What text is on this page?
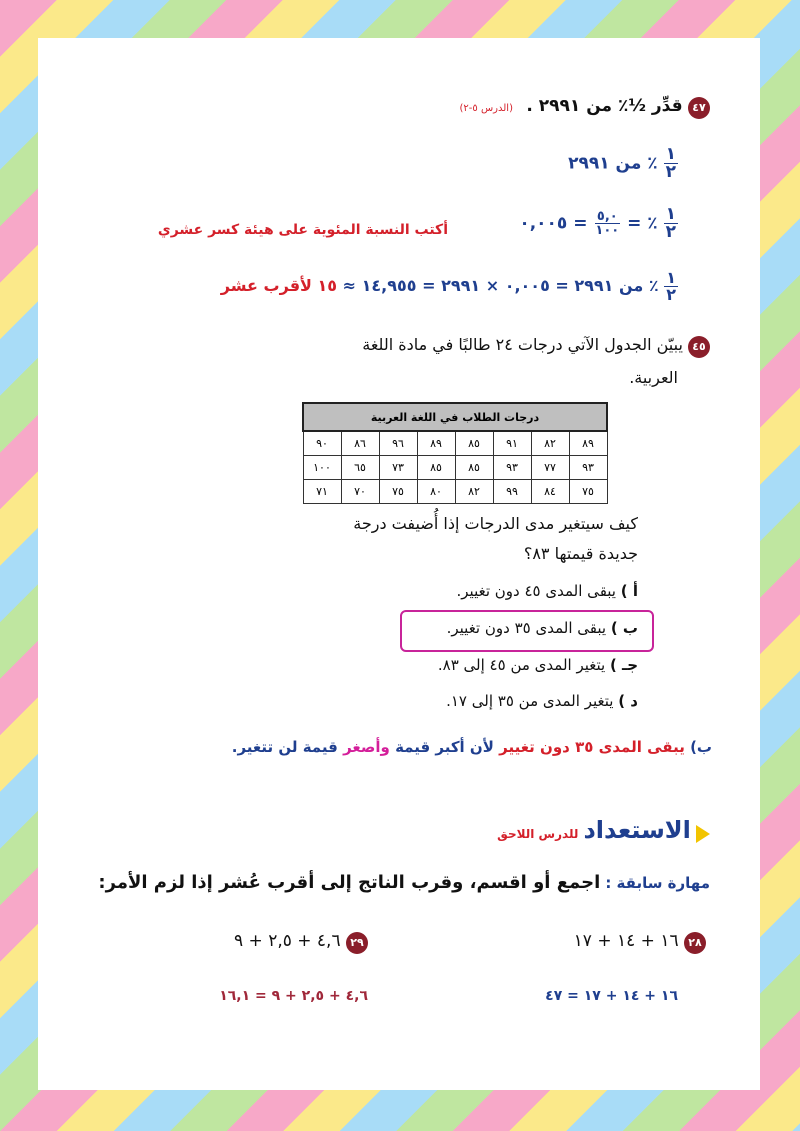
٤٧ قدِّر ½٪ من ٢٩٩١ . (الدرس ٥-٢)
$\frac{١}{٢}$
٪ من ٢٩٩١
$\frac{١}{٢}$
٪ =
$\frac{٥,٠}{١٠٠}$
= ٠,٠٠٥
أكتب النسبة المئوية على هيئة كسر عشري
$\frac{١}{٢}$
٪ من ٢٩٩١ = ٠,٠٠٥ × ٢٩٩١ = ١٤,٩٥٥ ≈ ١٥ لأقرب عشر
٤٥ يبيّن الجدول الآتي درجات ٢٤ طالبًا في مادة اللغة
العربية.
درجات الطلاب في اللغة العربية							
٨٩	٨٢	٩١	٨٥	٨٩	٩٦	٨٦	٩٠
٩٣	٧٧	٩٣	٨٥	٨٥	٧٣	٦٥	١٠٠
٧٥	٨٤	٩٩	٨٢	٨٠	٧٥	٧٠	٧١
كيف سيتغير مدى الدرجات إذا أُضيفت درجة
جديدة قيمتها ٨٣؟
أ ) يبقى المدى ٤٥ دون تغيير.
ب ) يبقى المدى ٣٥ دون تغيير.
جـ ) يتغير المدى من ٤٥ إلى ٨٣.
د ) يتغير المدى من ٣٥ إلى ١٧.
ب) يبقى المدى ٣٥ دون تغيير لأن أكبر قيمة وأصغر قيمة لن تتغير.
الاستعداد للدرس اللاحق
مهارة سابقة : اجمع أو اقسم، وقرب الناتج إلى أقرب عُشر إذا لزم الأمر:
٢٨ ١٦ + ١٤ + ١٧
٢٩ ٤,٦ + ٢,٥ + ٩
١٦ + ١٤ + ١٧ = ٤٧
٤,٦ + ٢,٥ + ٩ = ١٦,١
